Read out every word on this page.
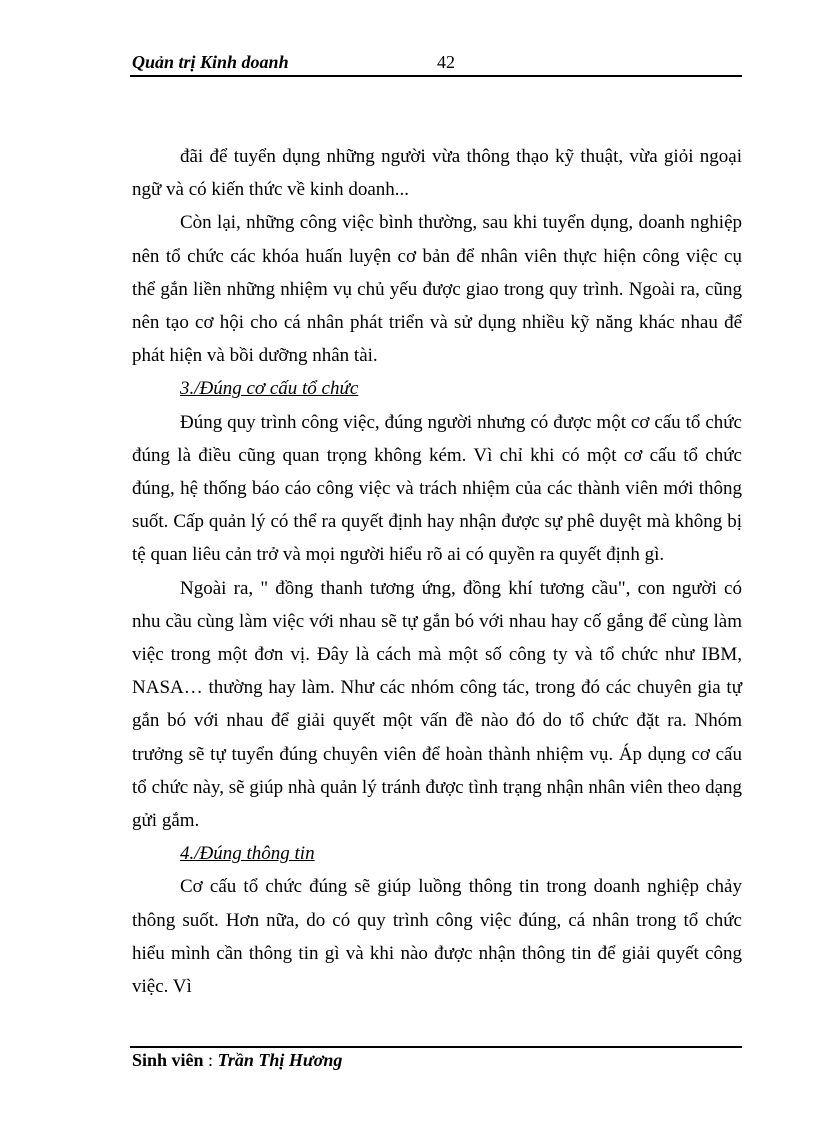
Quản trị Kinh doanh	42

đãi để tuyển dụng những người vừa thông thạo kỹ thuật, vừa giỏi ngoại ngữ và có kiến thức về kinh doanh...

Còn lại, những công việc bình thường, sau khi tuyển dụng, doanh nghiệp nên tổ chức các khóa huấn luyện cơ bản để nhân viên thực hiện công việc cụ thể gắn liền những nhiệm vụ chủ yếu được giao trong quy trình. Ngoài ra, cũng nên tạo cơ hội cho cá nhân phát triển và sử dụng nhiều kỹ năng khác nhau để phát hiện và bồi dưỡng nhân tài.

3./Đúng cơ cấu tổ chức

Đúng quy trình công việc, đúng người nhưng có được một cơ cấu tổ chức đúng là điều cũng quan trọng không kém. Vì chỉ khi có một cơ cấu tổ chức đúng, hệ thống báo cáo công việc và trách nhiệm của các thành viên mới thông suốt. Cấp quản lý có thể ra quyết định hay nhận được sự phê duyệt mà không bị tệ quan liêu cản trở và mọi người hiểu rõ ai có quyền ra quyết định gì.

Ngoài ra, " đồng thanh tương ứng, đồng khí tương cầu", con người có nhu cầu cùng làm việc với nhau sẽ tự gắn bó với nhau hay cố gắng để cùng làm việc trong một đơn vị. Đây là cách mà một số công ty và tổ chức như IBM, NASA… thường hay làm. Như các nhóm công tác, trong đó các chuyên gia tự gắn bó với nhau để giải quyết một vấn đề nào đó do tổ chức đặt ra. Nhóm trưởng sẽ tự tuyển đúng chuyên viên để hoàn thành nhiệm vụ. Áp dụng cơ cấu tổ chức này, sẽ giúp nhà quản lý tránh được tình trạng nhận nhân viên theo dạng gửi gắm.

4./Đúng thông tin

Cơ cấu tổ chức đúng sẽ giúp luồng thông tin trong doanh nghiệp chảy thông suốt. Hơn nữa, do có quy trình công việc đúng, cá nhân trong tổ chức hiểu mình cần thông tin gì và khi nào được nhận thông tin để giải quyết công việc. Vì

Sinh viên : Trần Thị Hương
